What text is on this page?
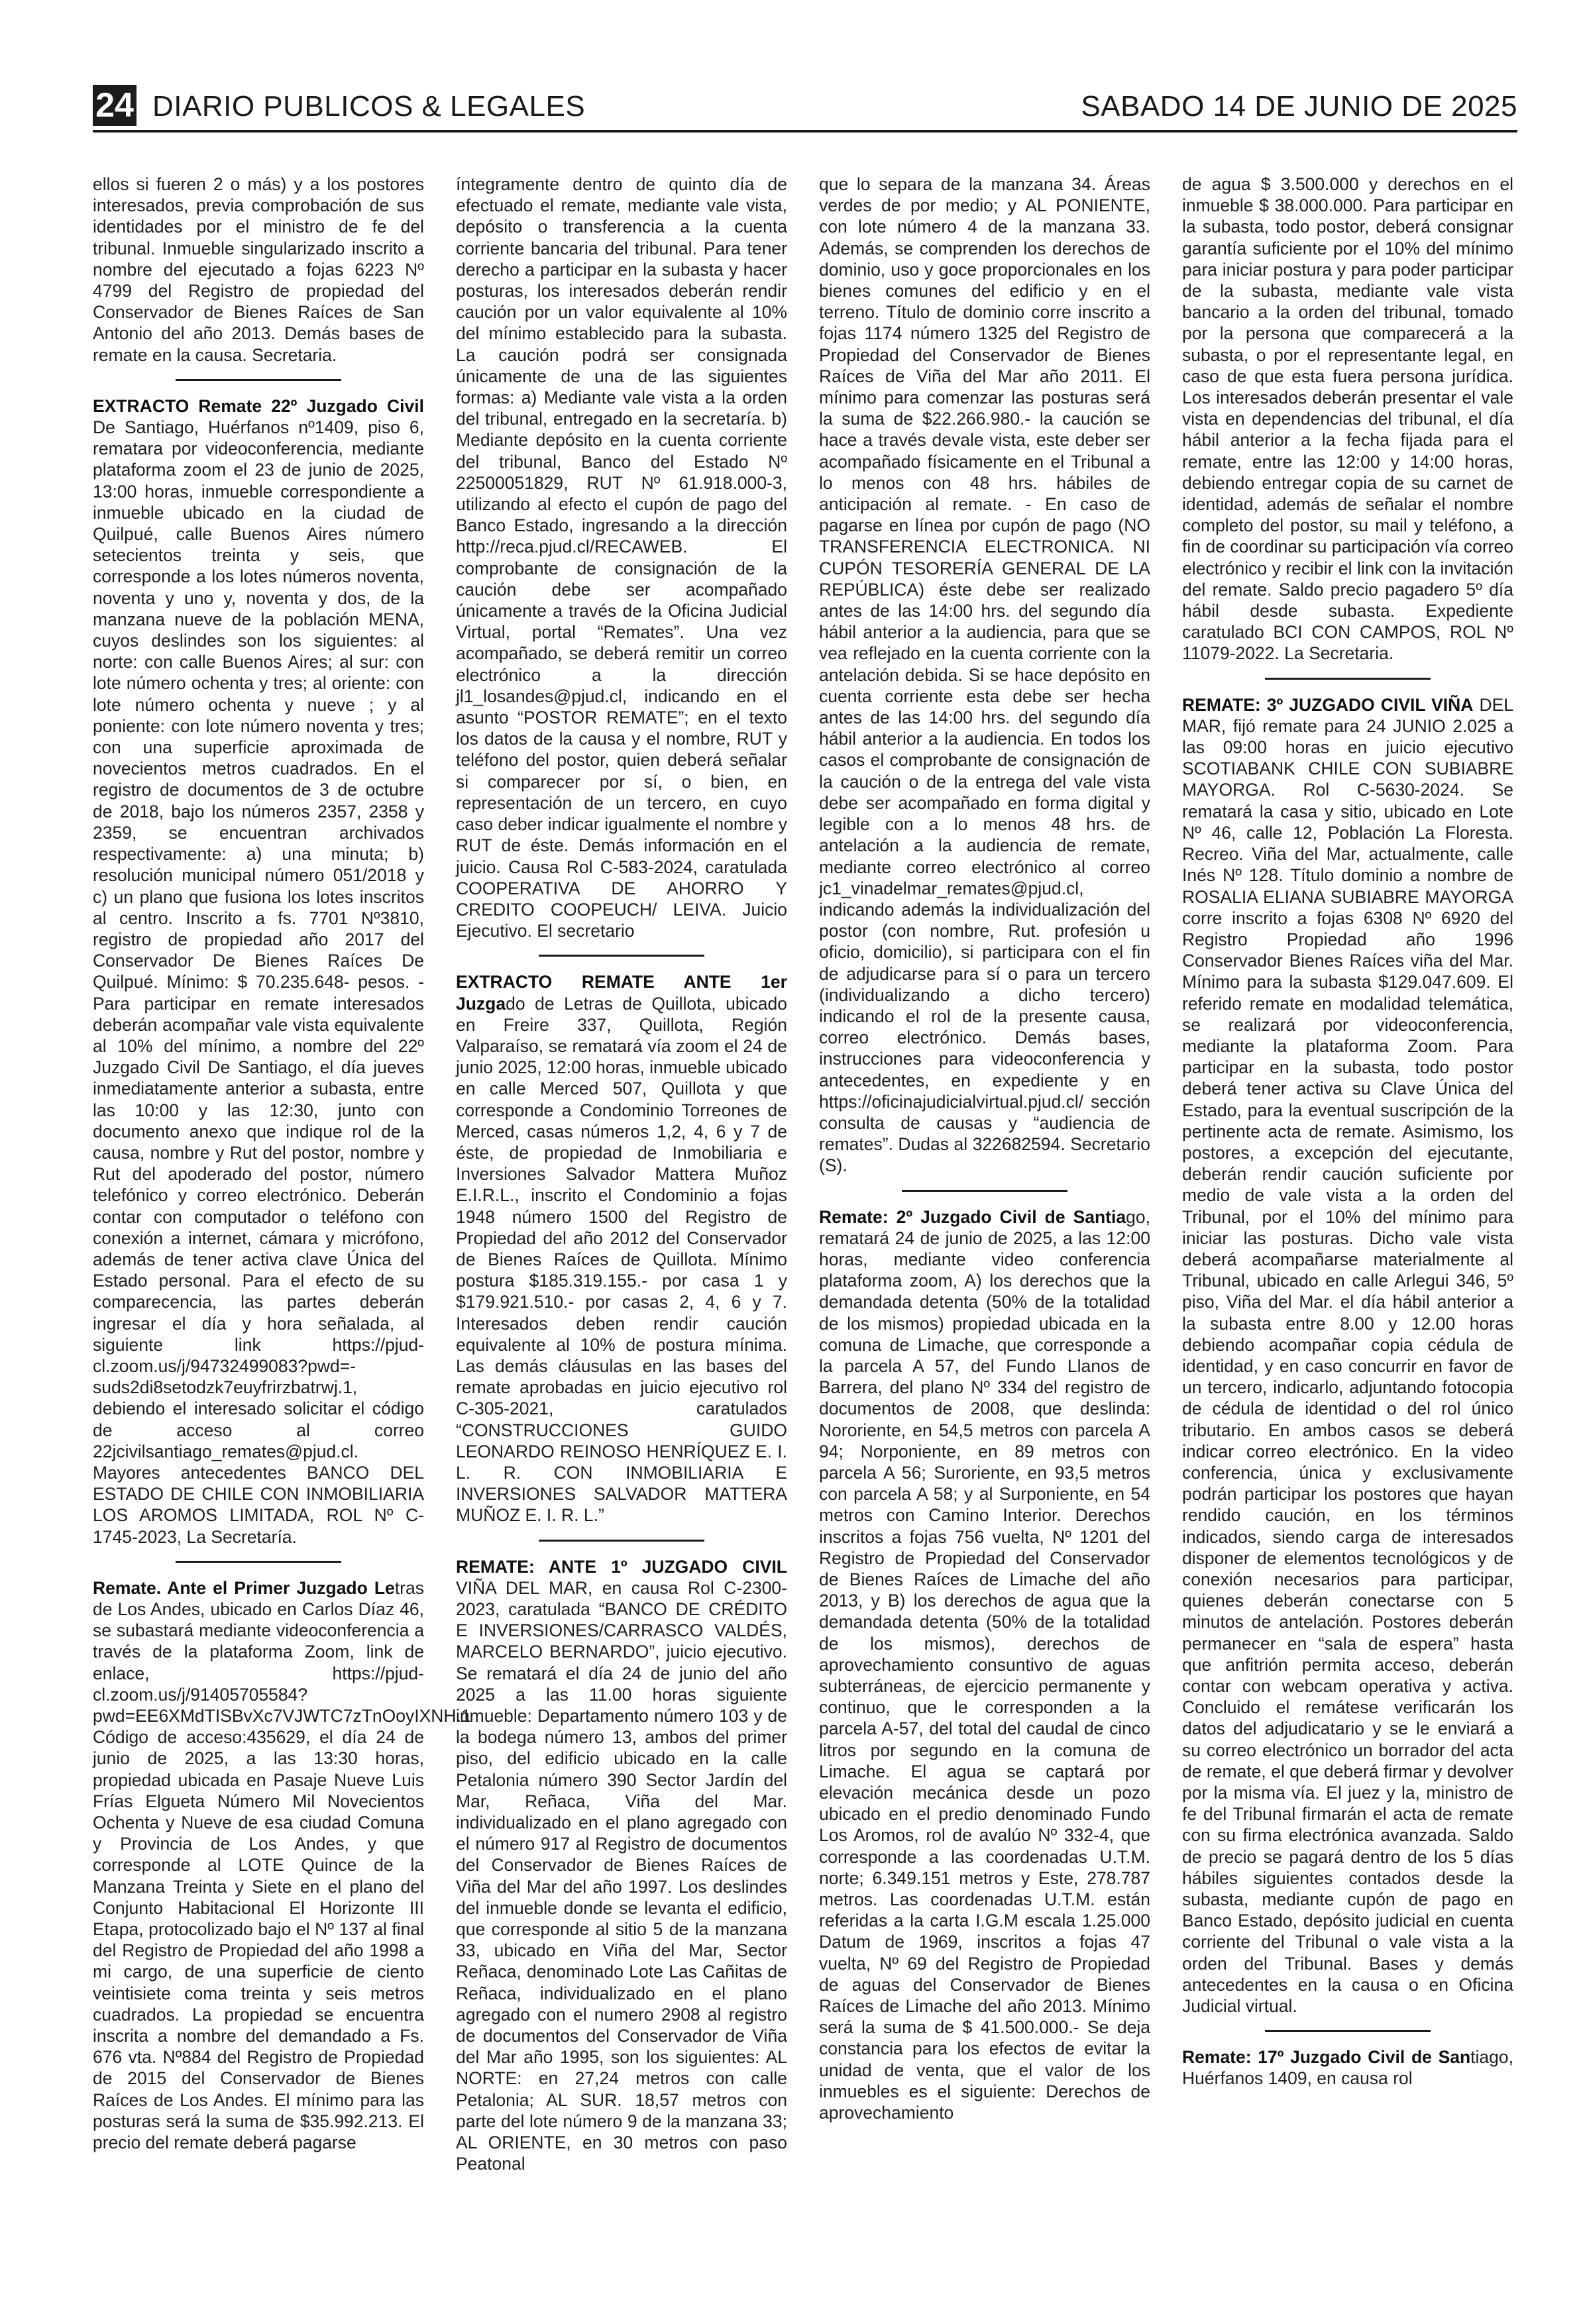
24 DIARIO PUBLICOS & LEGALES	SABADO 14 DE JUNIO DE 2025

ellos si fueren 2 o más) y a los postores interesados, previa comprobación de sus identidades por el ministro de fe del tribunal. Inmueble singularizado inscrito a nombre del ejecutado a fojas 6223 Nº 4799 del Registro de propiedad del Conservador de Bienes Raíces de San Antonio del año 2013. Demás bases de remate en la causa. Secretaria.

EXTRACTO Remate 22º Juzgado Civil De Santiago, Huérfanos nº1409, piso 6, rematara por videoconferencia, mediante plataforma zoom el 23 de junio de 2025, 13:00 horas, inmueble correspondiente a inmueble ubicado en la ciudad de Quilpué, calle Buenos Aires número setecientos treinta y seis, que corresponde a los lotes números noventa, noventa y uno y, noventa y dos, de la manzana nueve de la población MENA, cuyos deslindes son los siguientes: al norte: con calle Buenos Aires; al sur: con lote número ochenta y tres; al oriente: con lote número ochenta y nueve ; y al poniente: con lote número noventa y tres; con una superficie aproximada de novecientos metros cuadrados. En el registro de documentos de 3 de octubre de 2018, bajo los números 2357, 2358 y 2359, se encuentran archivados respectivamente: a) una minuta; b) resolución municipal número 051/2018 y c) un plano que fusiona los lotes inscritos al centro. Inscrito a fs. 7701 Nº3810, registro de propiedad año 2017 del Conservador De Bienes Raíces De Quilpué. Mínimo: $ 70.235.648- pesos. -Para participar en remate interesados deberán acompañar vale vista equivalente al 10% del mínimo, a nombre del 22º Juzgado Civil De Santiago, el día jueves inmediatamente anterior a subasta, entre las 10:00 y las 12:30, junto con documento anexo que indique rol de la causa, nombre y Rut del postor, nombre y Rut del apoderado del postor, número telefónico y correo electrónico. Deberán contar con computador o teléfono con conexión a internet, cámara y micrófono, además de tener activa clave Única del Estado personal. Para el efecto de su comparecencia, las partes deberán ingresar el día y hora señalada, al siguiente link https://pjud-cl.zoom.us/j/94732499083?pwd=-suds2di8setodzk7euyfrirzbatrwj.1, debiendo el interesado solicitar el código de acceso al correo 22jcivilsantiago_remates@pjud.cl. Mayores antecedentes BANCO DEL ESTADO DE CHILE CON INMOBILIARIA LOS AROMOS LIMITADA, ROL Nº C-1745-2023, La Secretaría.

Remate. Ante el Primer Juzgado Letras de Los Andes, ubicado en Carlos Díaz 46, se subastará mediante videoconferencia a través de la plataforma Zoom, link de enlace, https://pjud-cl.zoom.us/j/91405705584?pwd=EE6XMdTISBvXc7VJWTC7zTnOoyIXNH.1 Código de acceso:435629, el día 24 de junio de 2025, a las 13:30 horas, propiedad ubicada en Pasaje Nueve Luis Frías Elgueta Número Mil Novecientos Ochenta y Nueve de esa ciudad Comuna y Provincia de Los Andes, y que corresponde al LOTE Quince de la Manzana Treinta y Siete en el plano del Conjunto Habitacional El Horizonte III Etapa, protocolizado bajo el Nº 137 al final del Registro de Propiedad del año 1998 a mi cargo, de una superficie de ciento veintisiete coma treinta y seis metros cuadrados. La propiedad se encuentra inscrita a nombre del demandado a Fs. 676 vta. Nº884 del Registro de Propiedad de 2015 del Conservador de Bienes Raíces de Los Andes. El mínimo para las posturas será la suma de $35.992.213. El precio del remate deberá pagarse

íntegramente dentro de quinto día de efectuado el remate, mediante vale vista, depósito o transferencia a la cuenta corriente bancaria del tribunal. Para tener derecho a participar en la subasta y hacer posturas, los interesados deberán rendir caución por un valor equivalente al 10% del mínimo establecido para la subasta. La caución podrá ser consignada únicamente de una de las siguientes formas: a) Mediante vale vista a la orden del tribunal, entregado en la secretaría. b) Mediante depósito en la cuenta corriente del tribunal, Banco del Estado Nº 22500051829, RUT Nº 61.918.000-3, utilizando al efecto el cupón de pago del Banco Estado, ingresando a la dirección http://reca.pjud.cl/RECAWEB. El comprobante de consignación de la caución debe ser acompañado únicamente a través de la Oficina Judicial Virtual, portal “Remates”. Una vez acompañado, se deberá remitir un correo electrónico a la dirección jl1_losandes@pjud.cl, indicando en el asunto “POSTOR REMATE”; en el texto los datos de la causa y el nombre, RUT y teléfono del postor, quien deberá señalar si comparecer por sí, o bien, en representación de un tercero, en cuyo caso deber indicar igualmente el nombre y RUT de éste. Demás información en el juicio. Causa Rol C-583-2024, caratulada COOPERATIVA DE AHORRO Y CREDITO COOPEUCH/ LEIVA. Juicio Ejecutivo. El secretario

EXTRACTO REMATE ANTE 1er Juzgado de Letras de Quillota, ubicado en Freire 337, Quillota, Región Valparaíso, se rematará vía zoom el 24 de junio 2025, 12:00 horas, inmueble ubicado en calle Merced 507, Quillota y que corresponde a Condominio Torreones de Merced, casas números 1,2, 4, 6 y 7 de éste, de propiedad de Inmobiliaria e Inversiones Salvador Mattera Muñoz E.I.R.L., inscrito el Condominio a fojas 1948 número 1500 del Registro de Propiedad del año 2012 del Conservador de Bienes Raíces de Quillota. Mínimo postura $185.319.155.- por casa 1 y $179.921.510.- por casas 2, 4, 6 y 7. Interesados deben rendir caución equivalente al 10% de postura mínima. Las demás cláusulas en las bases del remate aprobadas en juicio ejecutivo rol C-305-2021, caratulados “CONSTRUCCIONES GUIDO LEONARDO REINOSO HENRÍQUEZ E. I. L. R. CON INMOBILIARIA E INVERSIONES SALVADOR MATTERA MUÑOZ E. I. R. L.”

REMATE: ANTE 1º JUZGADO CIVIL VIÑA DEL MAR, en causa Rol C-2300-2023, caratulada “BANCO DE CRÉDITO E INVERSIONES/CARRASCO VALDÉS, MARCELO BERNARDO”, juicio ejecutivo. Se rematará el día 24 de junio del año 2025 a las 11.00 horas siguiente inmueble: Departamento número 103 y de la bodega número 13, ambos del primer piso, del edificio ubicado en la calle Petalonia número 390 Sector Jardín del Mar, Reñaca, Viña del Mar. individualizado en el plano agregado con el número 917 al Registro de documentos del Conservador de Bienes Raíces de Viña del Mar del año 1997. Los deslindes del inmueble donde se levanta el edificio, que corresponde al sitio 5 de la manzana 33, ubicado en Viña del Mar, Sector Reñaca, denominado Lote Las Cañitas de Reñaca, individualizado en el plano agregado con el numero 2908 al registro de documentos del Conservador de Viña del Mar año 1995, son los siguientes: AL NORTE: en 27,24 metros con calle Petalonia; AL SUR. 18,57 metros con parte del lote número 9 de la manzana 33; AL ORIENTE, en 30 metros con paso Peatonal

que lo separa de la manzana 34. Áreas verdes de por medio; y AL PONIENTE, con lote número 4 de la manzana 33. Además, se comprenden los derechos de dominio, uso y goce proporcionales en los bienes comunes del edificio y en el terreno. Título de dominio corre inscrito a fojas 1174 número 1325 del Registro de Propiedad del Conservador de Bienes Raíces de Viña del Mar año 2011. El mínimo para comenzar las posturas será la suma de $22.266.980.- la caución se hace a través devale vista, este deber ser acompañado físicamente en el Tribunal a lo menos con 48 hrs. hábiles de anticipación al remate. - En caso de pagarse en línea por cupón de pago (NO TRANSFERENCIA ELECTRONICA. NI CUPÓN TESORERÍA GENERAL DE LA REPÚBLICA) éste debe ser realizado antes de las 14:00 hrs. del segundo día hábil anterior a la audiencia, para que se vea reflejado en la cuenta corriente con la antelación debida. Si se hace depósito en cuenta corriente esta debe ser hecha antes de las 14:00 hrs. del segundo día hábil anterior a la audiencia. En todos los casos el comprobante de consignación de la caución o de la entrega del vale vista debe ser acompañado en forma digital y legible con a lo menos 48 hrs. de antelación a la audiencia de remate, mediante correo electrónico al correo jc1_vinadelmar_remates@pjud.cl, indicando además la individualización del postor (con nombre, Rut. profesión u oficio, domicilio), si participara con el fin de adjudicarse para sí o para un tercero (individualizando a dicho tercero) indicando el rol de la presente causa, correo electrónico. Demás bases, instrucciones para videoconferencia y antecedentes, en expediente y en https://oficinajudicialvirtual.pjud.cl/ sección consulta de causas y “audiencia de remates”. Dudas al 322682594. Secretario (S).

Remate: 2º Juzgado Civil de Santiago, rematará 24 de junio de 2025, a las 12:00 horas, mediante video conferencia plataforma zoom, A) los derechos que la demandada detenta (50% de la totalidad de los mismos) propiedad ubicada en la comuna de Limache, que corresponde a la parcela A 57, del Fundo Llanos de Barrera, del plano Nº 334 del registro de documentos de 2008, que deslinda: Nororiente, en 54,5 metros con parcela A 94; Norponiente, en 89 metros con parcela A 56; Suroriente, en 93,5 metros con parcela A 58; y al Surponiente, en 54 metros con Camino Interior. Derechos inscritos a fojas 756 vuelta, Nº 1201 del Registro de Propiedad del Conservador de Bienes Raíces de Limache del año 2013, y B) los derechos de agua que la demandada detenta (50% de la totalidad de los mismos), derechos de aprovechamiento consuntivo de aguas subterráneas, de ejercicio permanente y continuo, que le corresponden a la parcela A-57, del total del caudal de cinco litros por segundo en la comuna de Limache. El agua se captará por elevación mecánica desde un pozo ubicado en el predio denominado Fundo Los Aromos, rol de avalúo Nº 332-4, que corresponde a las coordenadas U.T.M. norte; 6.349.151 metros y Este, 278.787 metros. Las coordenadas U.T.M. están referidas a la carta I.G.M escala 1.25.000 Datum de 1969, inscritos a fojas 47 vuelta, Nº 69 del Registro de Propiedad de aguas del Conservador de Bienes Raíces de Limache del año 2013. Mínimo será la suma de $ 41.500.000.- Se deja constancia para los efectos de evitar la unidad de venta, que el valor de los inmuebles es el siguiente: Derechos de aprovechamiento

de agua $ 3.500.000 y derechos en el inmueble $ 38.000.000. Para participar en la subasta, todo postor, deberá consignar garantía suficiente por el 10% del mínimo para iniciar postura y para poder participar de la subasta, mediante vale vista bancario a la orden del tribunal, tomado por la persona que comparecerá a la subasta, o por el representante legal, en caso de que esta fuera persona jurídica. Los interesados deberán presentar el vale vista en dependencias del tribunal, el día hábil anterior a la fecha fijada para el remate, entre las 12:00 y 14:00 horas, debiendo entregar copia de su carnet de identidad, además de señalar el nombre completo del postor, su mail y teléfono, a fin de coordinar su participación vía correo electrónico y recibir el link con la invitación del remate. Saldo precio pagadero 5º día hábil desde subasta. Expediente caratulado BCI CON CAMPOS, ROL Nº 11079-2022. La Secretaria.

REMATE: 3º JUZGADO CIVIL VIÑA DEL MAR, fijó remate para 24 JUNIO 2.025 a las 09:00 horas en juicio ejecutivo SCOTIABANK CHILE CON SUBIABRE MAYORGA. Rol C-5630-2024. Se rematará la casa y sitio, ubicado en Lote Nº 46, calle 12, Población La Floresta. Recreo. Viña del Mar, actualmente, calle Inés Nº 128. Título dominio a nombre de ROSALIA ELIANA SUBIABRE MAYORGA corre inscrito a fojas 6308 Nº 6920 del Registro Propiedad año 1996 Conservador Bienes Raíces viña del Mar. Mínimo para la subasta $129.047.609. El referido remate en modalidad telemática, se realizará por videoconferencia, mediante la plataforma Zoom. Para participar en la subasta, todo postor deberá tener activa su Clave Única del Estado, para la eventual suscripción de la pertinente acta de remate. Asimismo, los postores, a excepción del ejecutante, deberán rendir caución suficiente por medio de vale vista a la orden del Tribunal, por el 10% del mínimo para iniciar las posturas. Dicho vale vista deberá acompañarse materialmente al Tribunal, ubicado en calle Arlegui 346, 5º piso, Viña del Mar. el día hábil anterior a la subasta entre 8.00 y 12.00 horas debiendo acompañar copia cédula de identidad, y en caso concurrir en favor de un tercero, indicarlo, adjuntando fotocopia de cédula de identidad o del rol único tributario. En ambos casos se deberá indicar correo electrónico. En la video conferencia, única y exclusivamente podrán participar los postores que hayan rendido caución, en los términos indicados, siendo carga de interesados disponer de elementos tecnológicos y de conexión necesarios para participar, quienes deberán conectarse con 5 minutos de antelación. Postores deberán permanecer en “sala de espera” hasta que anfitrión permita acceso, deberán contar con webcam operativa y activa. Concluido el remátese verificarán los datos del adjudicatario y se le enviará a su correo electrónico un borrador del acta de remate, el que deberá firmar y devolver por la misma vía. El juez y la, ministro de fe del Tribunal firmarán el acta de remate con su firma electrónica avanzada. Saldo de precio se pagará dentro de los 5 días hábiles siguientes contados desde la subasta, mediante cupón de pago en Banco Estado, depósito judicial en cuenta corriente del Tribunal o vale vista a la orden del Tribunal. Bases y demás antecedentes en la causa o en Oficina Judicial virtual.

Remate: 17º Juzgado Civil de Santiago, Huérfanos 1409, en causa rol
